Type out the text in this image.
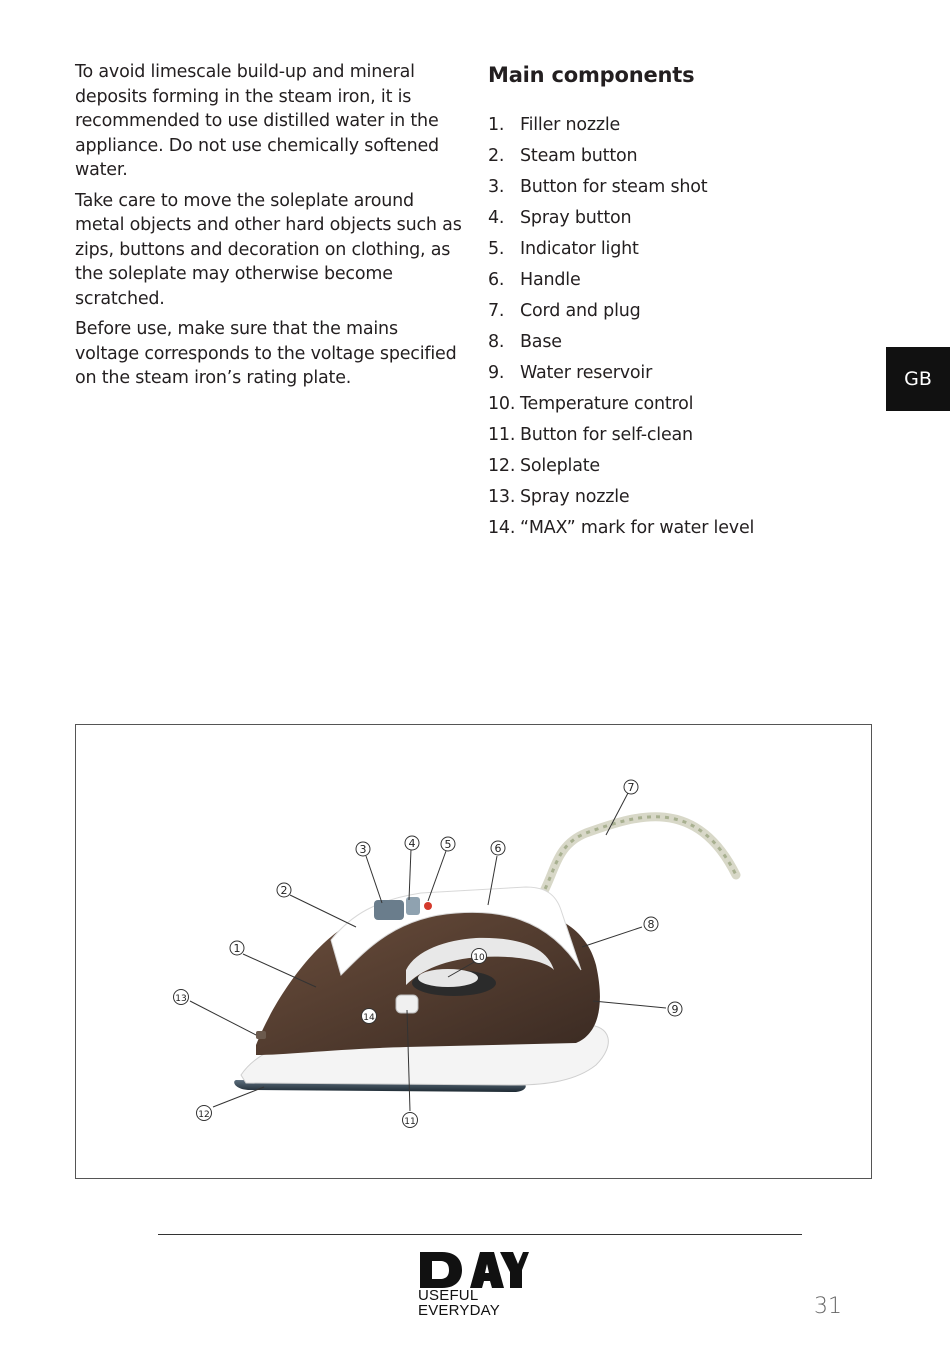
To avoid limescale build-up and mineral deposits forming in the steam iron, it is recommended to use distilled water in the appliance. Do not use chemically softened water.

Take care to move the soleplate around metal objects and other hard objects such as zips, buttons and decoration on clothing, as the soleplate may otherwise become scratched.

Before use, make sure that the mains voltage corresponds to the voltage specified on the steam iron’s rating plate.

Main components
1. Filler nozzle
2. Steam button
3. Button for steam shot
4. Spray button
5. Indicator light
6. Handle
7. Cord and plug
8. Base
9. Water reservoir
10. Temperature control
11. Button for self-clean
12. Soleplate
13. Spray nozzle
14. “MAX” mark for water level
GB
1
2
3	4	5	6
7
8
9
10
11
12
13
14
USEFUL
EVERYDAY	31
